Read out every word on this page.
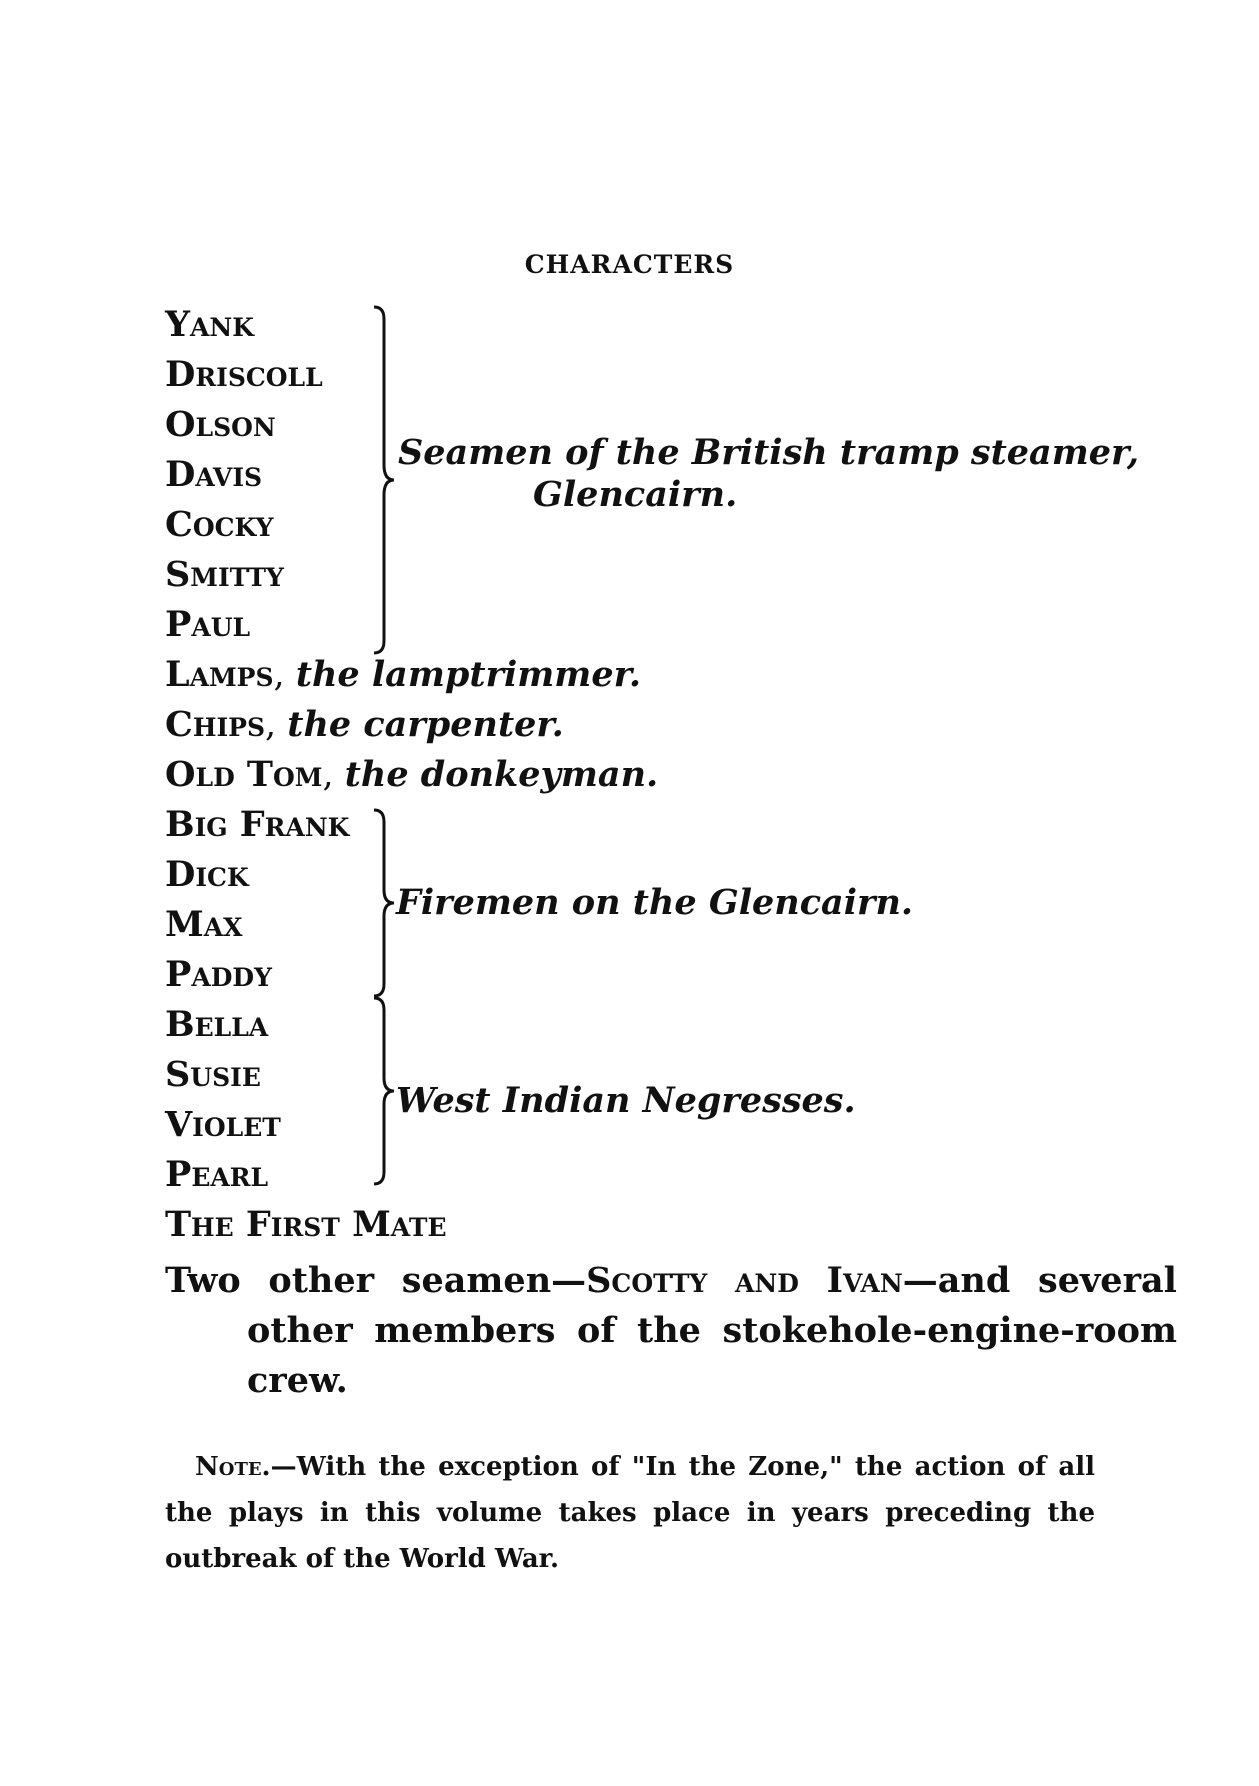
CHARACTERS
Yank
Driscoll
Olson
Davis
Cocky
Smitty
Paul
Seamen of the British tramp steamer,
Glencairn.
Lamps, the lamptrimmer.
Chips, the carpenter.
Old Tom, the donkeyman.
Big Frank
Dick
Max
Paddy
Firemen on the Glencairn.
Bella
Susie
Violet
Pearl
West Indian Negresses.
The First Mate
Two other seamen—Scotty and Ivan—and several other members of the stokehole-engine-room crew.
Note.—With the exception of "In the Zone," the action of all the plays in this volume takes place in years preceding the outbreak of the World War.
